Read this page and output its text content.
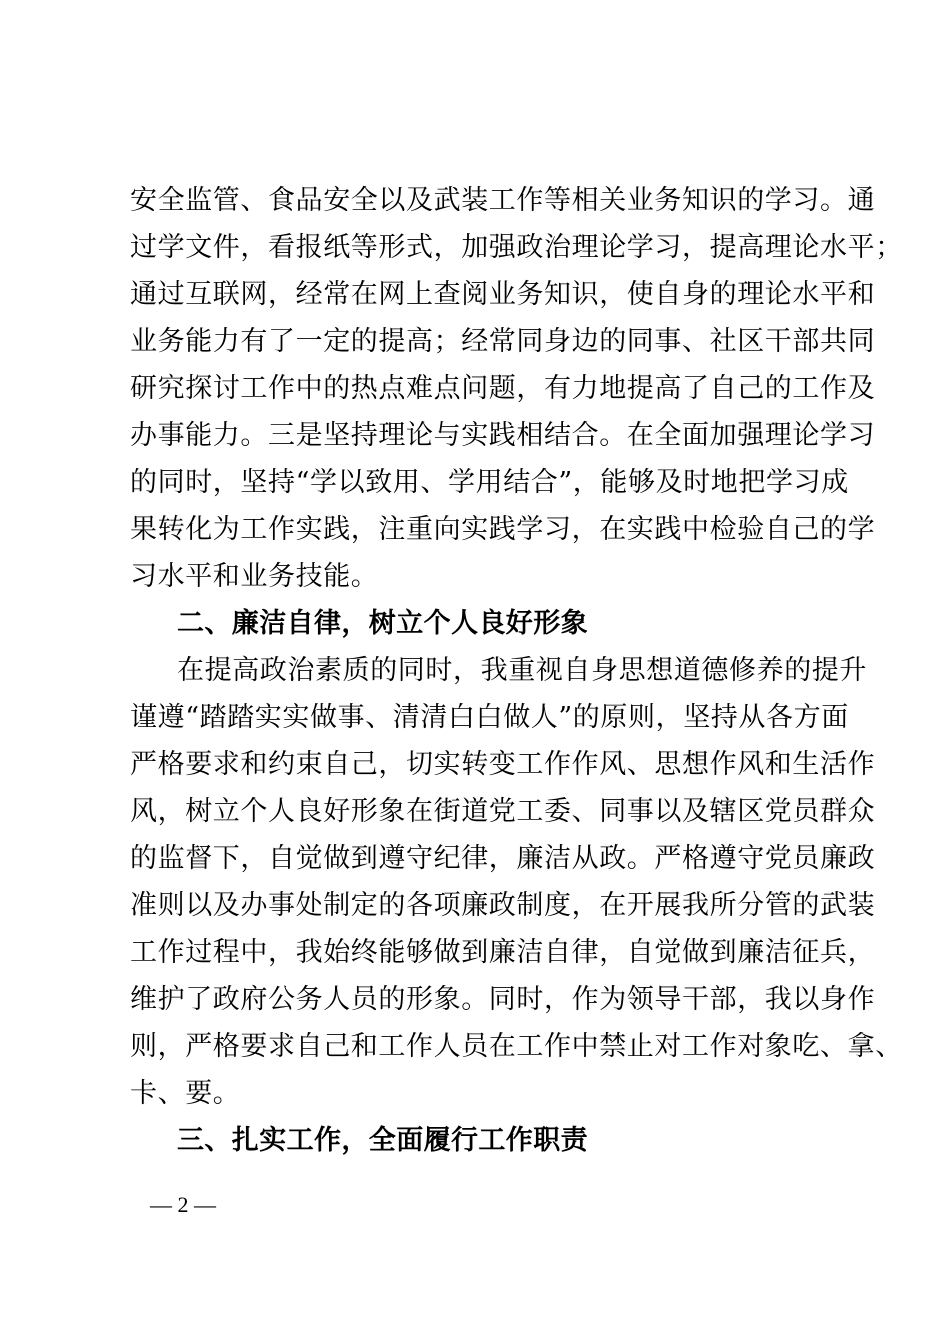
安全监管、食品安全以及武装工作等相关业务知识的学习。通
过学文件，看报纸等形式，加强政治理论学习，提高理论水平；
通过互联网，经常在网上查阅业务知识，使自身的理论水平和
业务能力有了一定的提高；经常同身边的同事、社区干部共同
研究探讨工作中的热点难点问题，有力地提高了自己的工作及
办事能力。三是坚持理论与实践相结合。在全面加强理论学习
的同时，坚持“学以致用、学用结合”，能够及时地把学习成
果转化为工作实践，注重向实践学习，在实践中检验自己的学
习水平和业务技能。
二、廉洁自律，树立个人良好形象
在提高政治素质的同时，我重视自身思想道德修养的提升
谨遵“踏踏实实做事、清清白白做人”的原则，坚持从各方面
严格要求和约束自己，切实转变工作作风、思想作风和生活作
风，树立个人良好形象在街道党工委、同事以及辖区党员群众
的监督下，自觉做到遵守纪律，廉洁从政。严格遵守党员廉政
准则以及办事处制定的各项廉政制度，在开展我所分管的武装
工作过程中，我始终能够做到廉洁自律，自觉做到廉洁征兵，
维护了政府公务人员的形象。同时，作为领导干部，我以身作
则，严格要求自己和工作人员在工作中禁止对工作对象吃、拿、
卡、要。
三、扎实工作，全面履行工作职责
— 2 —
